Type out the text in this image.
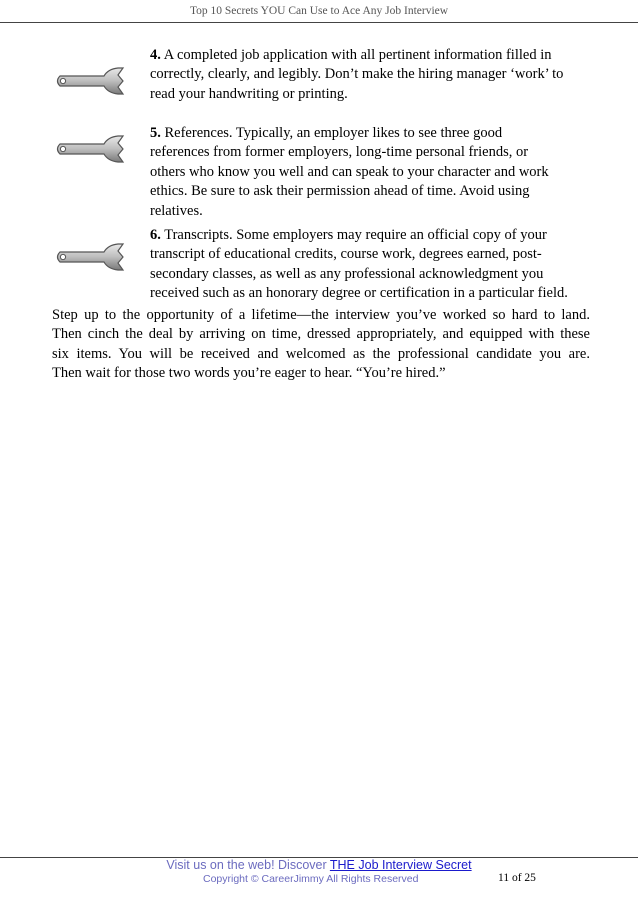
Top 10 Secrets YOU Can Use to Ace Any Job Interview
4. A completed job application with all pertinent information filled in
correctly, clearly, and legibly. Don’t make the hiring manager ‘work’ to
read your handwriting or printing.
5. References. Typically, an employer likes to see three good
references from former employers, long-time personal friends, or
others who know you well and can speak to your character and work
ethics. Be sure to ask their permission ahead of time. Avoid using
relatives.
6. Transcripts. Some employers may require an official copy of your
transcript of educational credits, course work, degrees earned, post-
secondary classes, as well as any professional acknowledgment you
received such as an honorary degree or certification in a particular field.
Step up to the opportunity of a lifetime—the interview you’ve worked so hard to land.
Then cinch the deal by arriving on time, dressed appropriately, and equipped with these
six items. You will be received and welcomed as the professional candidate you are.
Then wait for those two words you’re eager to hear. “You’re hired.”
Visit us on the web! Discover THE Job Interview Secret
Copyright © CareerJimmy All Rights Reserved	11 of 25
